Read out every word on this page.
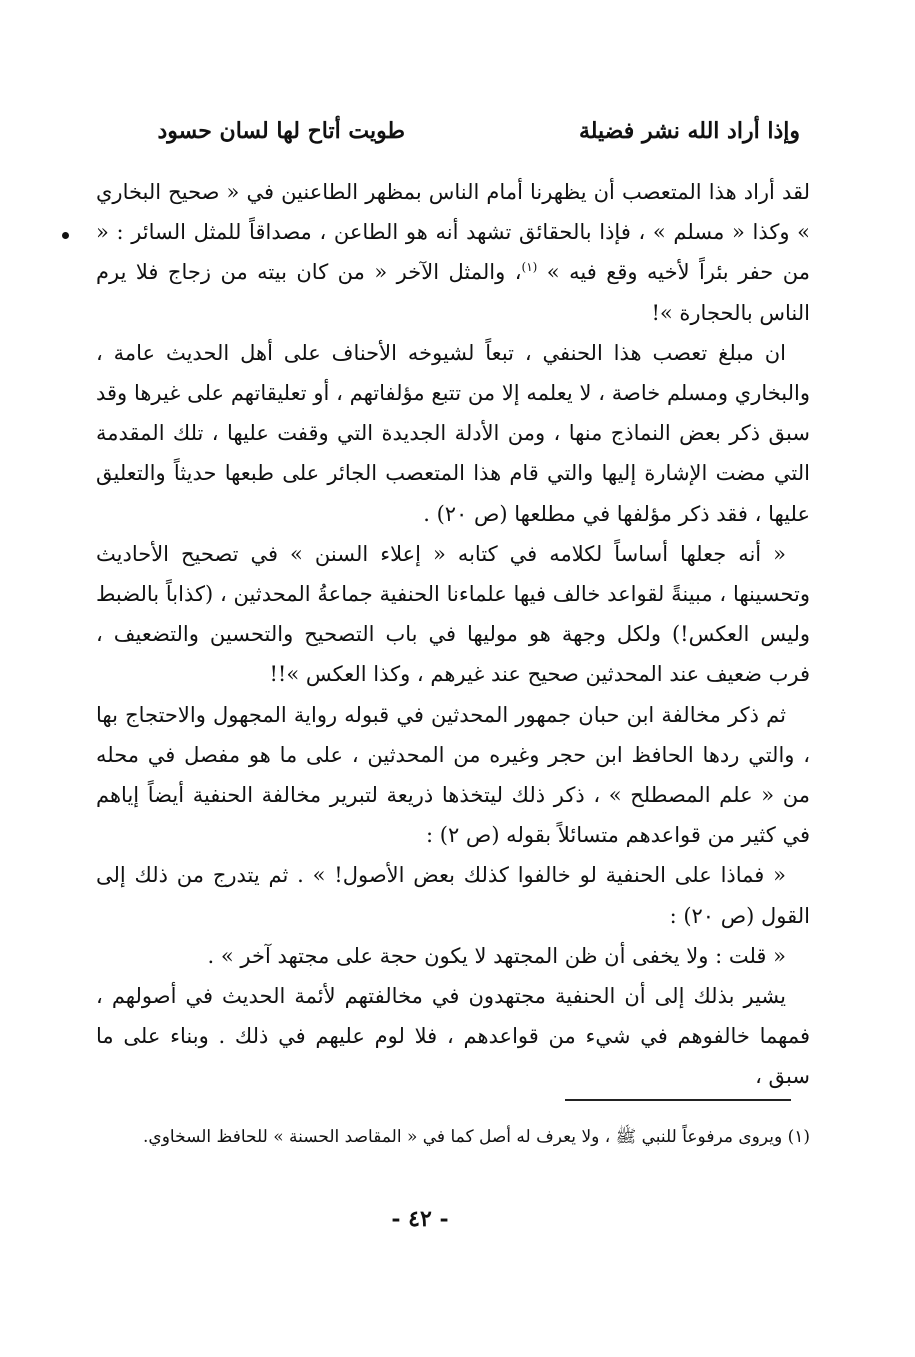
وإذا أراد الله نشر فضيلة
طويت أتاح لها لسان حسود

لقد أراد هذا المتعصب أن يظهرنا أمام الناس بمظهر الطاعنين في « صحيح البخاري » وكذا « مسلم » ، فإذا بالحقائق تشهد أنه هو الطاعن ، مصداقاً للمثل السائر : « من حفر بئراً لأخيه وقع فيه » $^{(١)}$، والمثل الآخر « من كان بيته من زجاج فلا يرم الناس بالحجارة »!

ان مبلغ تعصب هذا الحنفي ، تبعاً لشيوخه الأحناف على أهل الحديث عامة ، والبخاري ومسلم خاصة ، لا يعلمه إلا من تتبع مؤلفاتهم ، أو تعليقاتهم على غيرها وقد سبق ذكر بعض النماذج منها ، ومن الأدلة الجديدة التي وقفت عليها ، تلك المقدمة التي مضت الإشارة إليها والتي قام هذا المتعصب الجائر على طبعها حديثاً والتعليق عليها ، فقد ذكر مؤلفها في مطلعها (ص ٢٠) .

« أنه جعلها أساساً لكلامه في كتابه « إعلاء السنن » في تصحيح الأحاديث وتحسينها ، مبينةً لقواعد خالف فيها علماءنا الحنفية جماعةُ المحدثين ، (كذاباً بالضبط وليس العكس!) ولكل وجهة هو موليها في باب التصحيح والتحسين والتضعيف ، فرب ضعيف عند المحدثين صحيح عند غيرهم ، وكذا العكس »!!

ثم ذكر مخالفة ابن حبان جمهور المحدثين في قبوله رواية المجهول والاحتجاج بها ، والتي ردها الحافظ ابن حجر وغيره من المحدثين ، على ما هو مفصل في محله من « علم المصطلح » ، ذكر ذلك ليتخذها ذريعة لتبرير مخالفة الحنفية أيضاً إياهم في كثير من قواعدهم متسائلاً بقوله (ص ٢) :

« فماذا على الحنفية لو خالفوا كذلك بعض الأصول! » . ثم يتدرج من ذلك إلى القول (ص ٢٠) :

« قلت : ولا يخفى أن ظن المجتهد لا يكون حجة على مجتهد آخر » .

يشير بذلك إلى أن الحنفية مجتهدون في مخالفتهم لأئمة الحديث في أصولهم ، فمهما خالفوهم في شيء من قواعدهم ، فلا لوم عليهم في ذلك . وبناء على ما سبق ،

(١) ويروى مرفوعاً للنبي ﷺ ، ولا يعرف له أصل كما في « المقاصد الحسنة » للحافظ السخاوي.

- ٤٢ -
